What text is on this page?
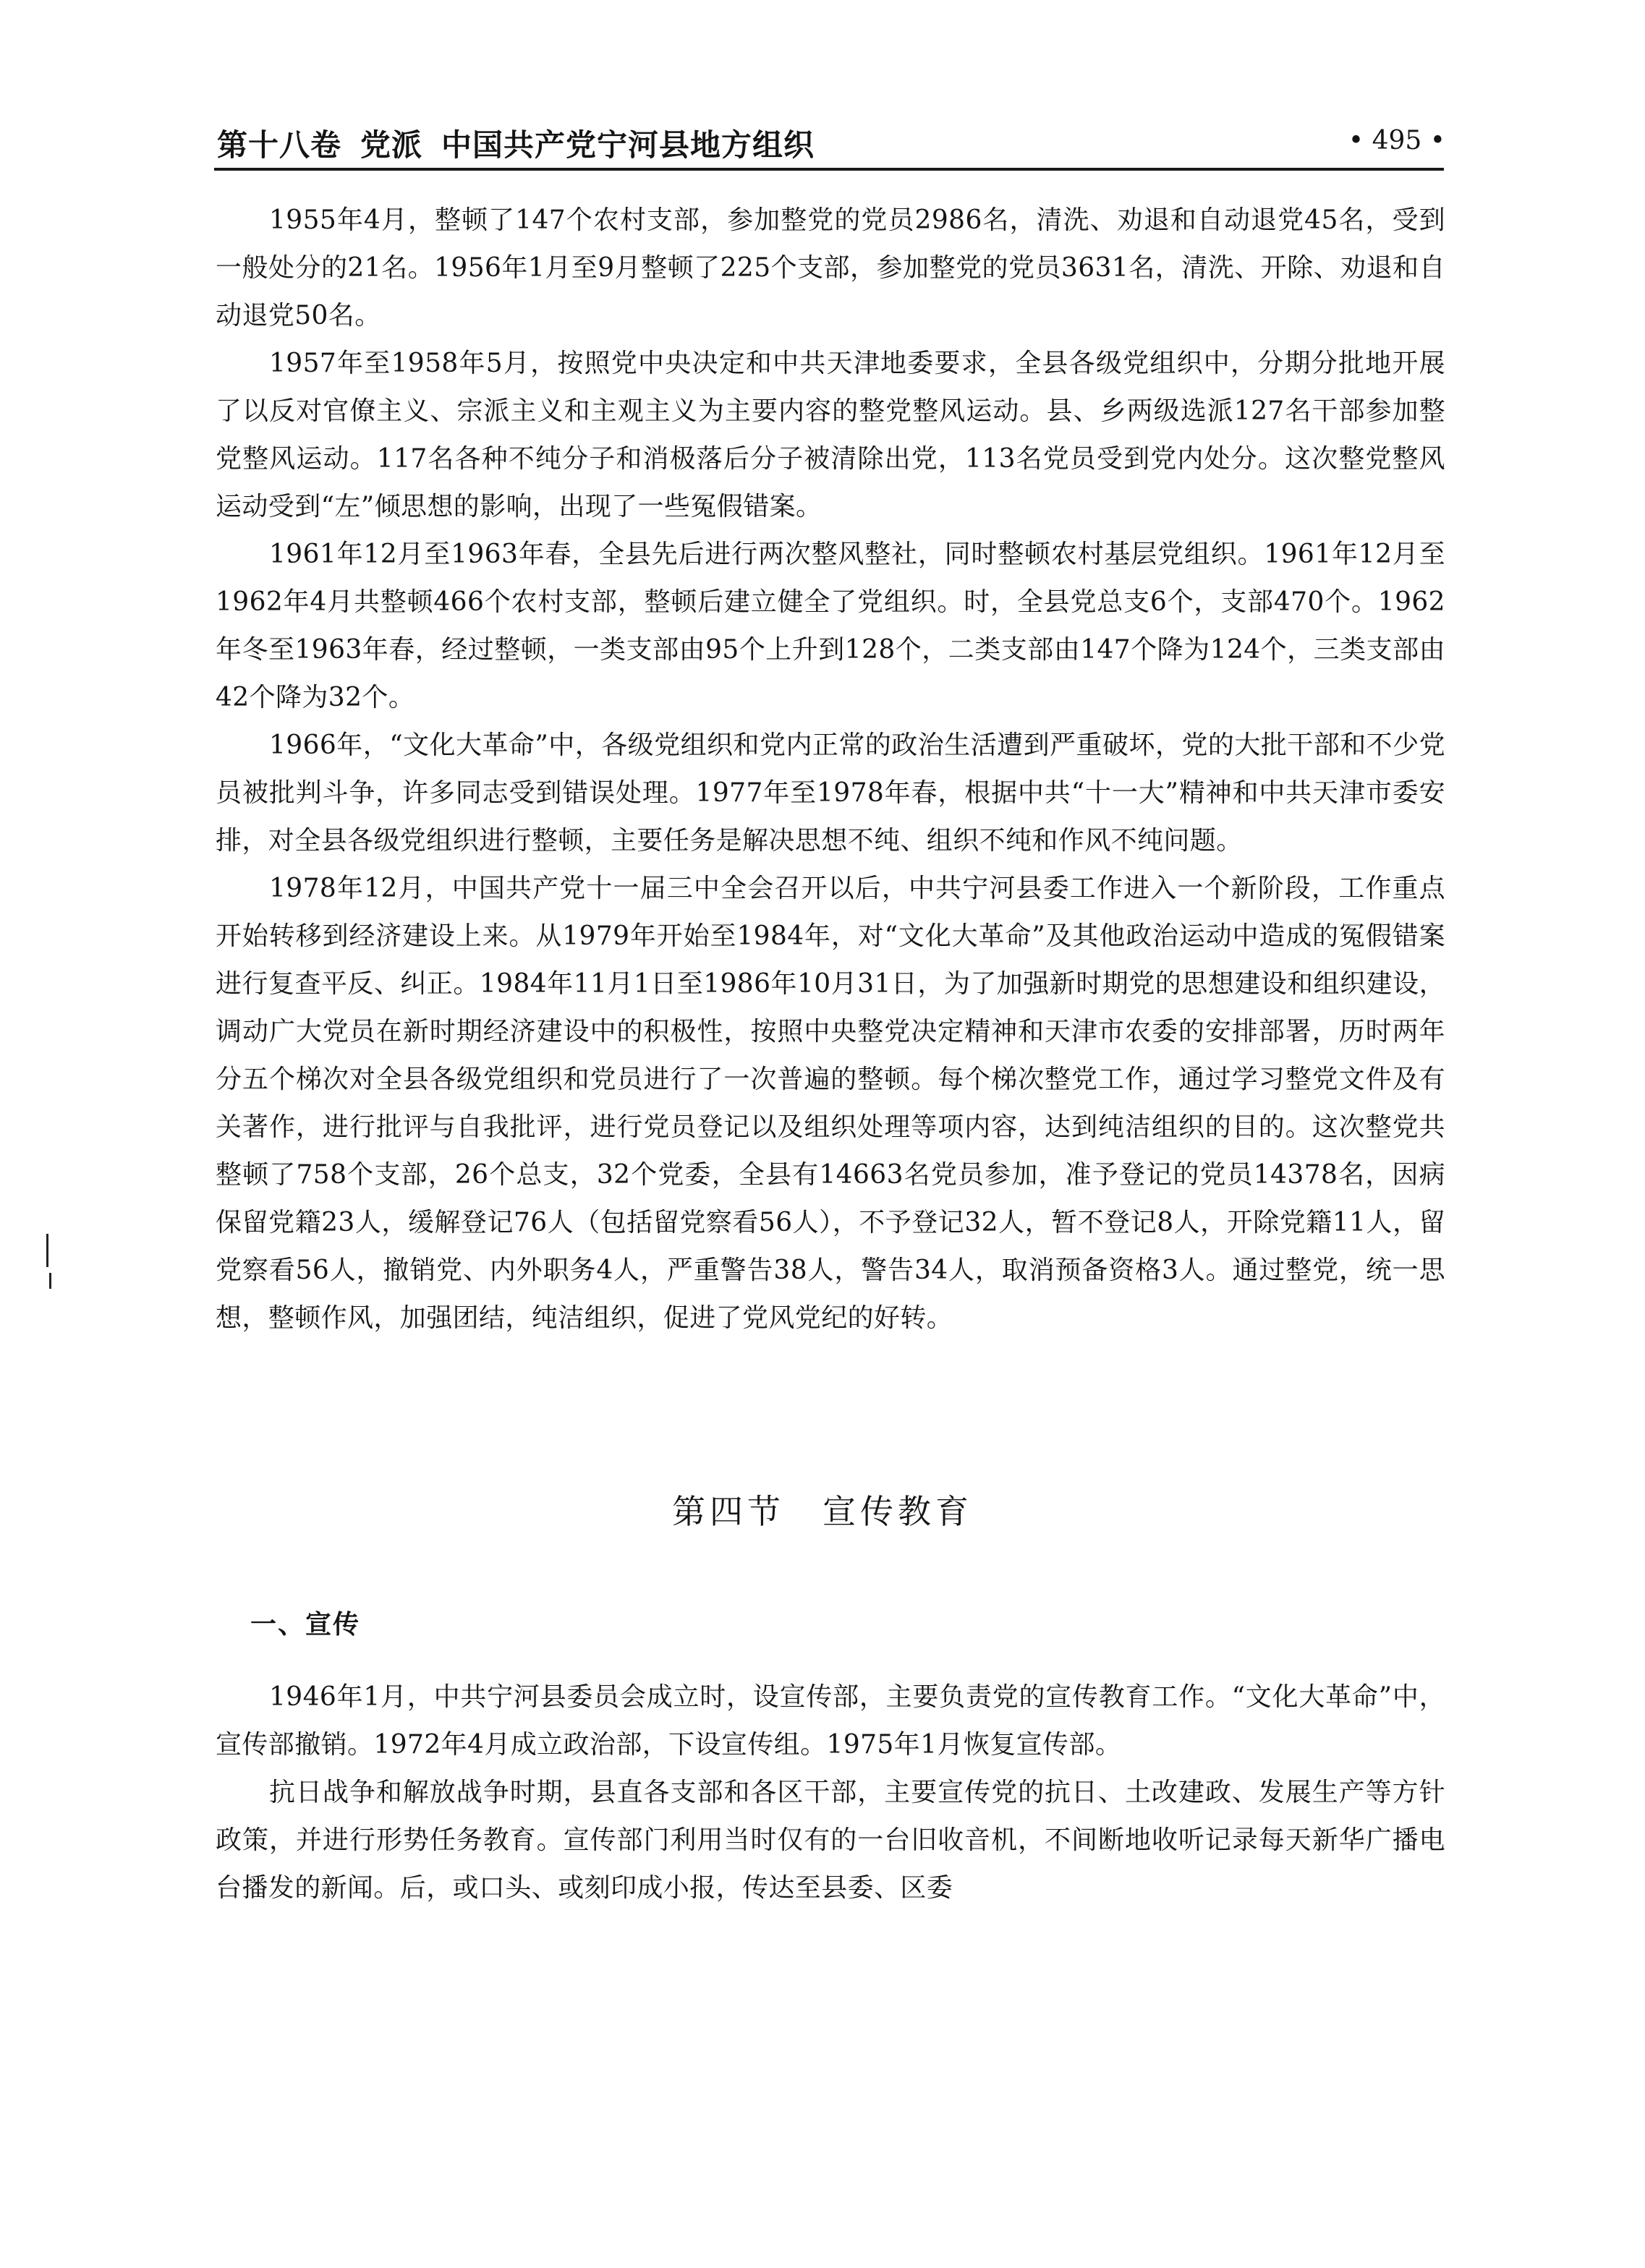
第十八卷 党派 中国共产党宁河县地方组织	• 495 •

1955年4月，整顿了147个农村支部，参加整党的党员2986名，清洗、劝退和自动退党45名，受到一般处分的21名。1956年1月至9月整顿了225个支部，参加整党的党员3631名，清洗、开除、劝退和自动退党50名。

1957年至1958年5月，按照党中央决定和中共天津地委要求，全县各级党组织中，分期分批地开展了以反对官僚主义、宗派主义和主观主义为主要内容的整党整风运动。县、乡两级选派127名干部参加整党整风运动。117名各种不纯分子和消极落后分子被清除出党，113名党员受到党内处分。这次整党整风运动受到“左”倾思想的影响，出现了一些冤假错案。

1961年12月至1963年春，全县先后进行两次整风整社，同时整顿农村基层党组织。1961年12月至1962年4月共整顿466个农村支部，整顿后建立健全了党组织。时，全县党总支6个，支部470个。1962年冬至1963年春，经过整顿，一类支部由95个上升到128个，二类支部由147个降为124个，三类支部由42个降为32个。

1966年，“文化大革命”中，各级党组织和党内正常的政治生活遭到严重破坏，党的大批干部和不少党员被批判斗争，许多同志受到错误处理。1977年至1978年春，根据中共“十一大”精神和中共天津市委安排，对全县各级党组织进行整顿，主要任务是解决思想不纯、组织不纯和作风不纯问题。

1978年12月，中国共产党十一届三中全会召开以后，中共宁河县委工作进入一个新阶段，工作重点开始转移到经济建设上来。从1979年开始至1984年，对“文化大革命”及其他政治运动中造成的冤假错案进行复查平反、纠正。1984年11月1日至1986年10月31日，为了加强新时期党的思想建设和组织建设，调动广大党员在新时期经济建设中的积极性，按照中央整党决定精神和天津市农委的安排部署，历时两年分五个梯次对全县各级党组织和党员进行了一次普遍的整顿。每个梯次整党工作，通过学习整党文件及有关著作，进行批评与自我批评，进行党员登记以及组织处理等项内容，达到纯洁组织的目的。这次整党共整顿了758个支部，26个总支，32个党委，全县有14663名党员参加，准予登记的党员14378名，因病保留党籍23人，缓解登记76人（包括留党察看56人），不予登记32人，暂不登记8人，开除党籍11人，留党察看56人，撤销党、内外职务4人，严重警告38人，警告34人，取消预备资格3人。通过整党，统一思想，整顿作风，加强团结，纯洁组织，促进了党风党纪的好转。

第四节　宣传教育
一、宣传

1946年1月，中共宁河县委员会成立时，设宣传部，主要负责党的宣传教育工作。“文化大革命”中，宣传部撤销。1972年4月成立政治部，下设宣传组。1975年1月恢复宣传部。

抗日战争和解放战争时期，县直各支部和各区干部，主要宣传党的抗日、土改建政、发展生产等方针政策，并进行形势任务教育。宣传部门利用当时仅有的一台旧收音机，不间断地收听记录每天新华广播电台播发的新闻。后，或口头、或刻印成小报，传达至县委、区委
